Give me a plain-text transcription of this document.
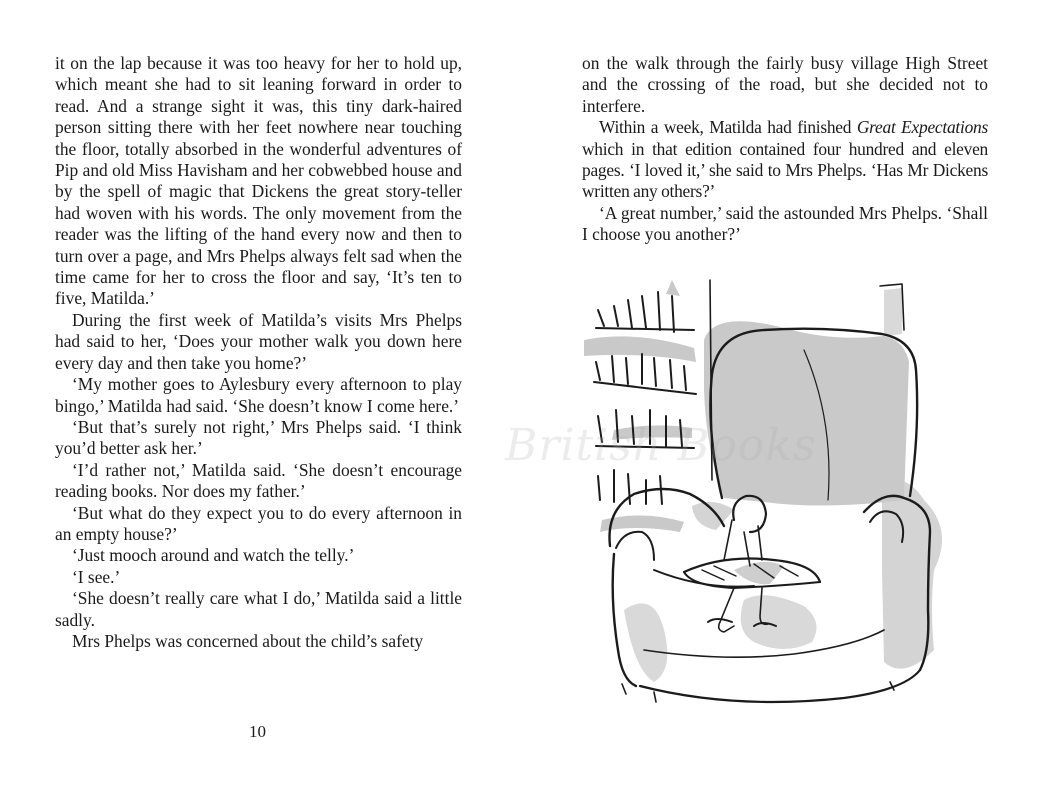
it on the lap because it was too heavy for her to hold up, which meant she had to sit leaning forward in order to read. And a strange sight it was, this tiny dark-haired person sitting there with her feet nowhere near touching the floor, totally absorbed in the wonderful adventures of Pip and old Miss Havisham and her cobwebbed house and by the spell of magic that Dickens the great story-teller had woven with his words. The only movement from the reader was the lifting of the hand every now and then to turn over a page, and Mrs Phelps always felt sad when the time came for her to cross the floor and say, ‘It’s ten to five, Matilda.’

During the first week of Matilda’s visits Mrs Phelps had said to her, ‘Does your mother walk you down here every day and then take you home?’

‘My mother goes to Aylesbury every afternoon to play bingo,’ Matilda had said. ‘She doesn’t know I come here.’

‘But that’s surely not right,’ Mrs Phelps said. ‘I think you’d better ask her.’

‘I’d rather not,’ Matilda said. ‘She doesn’t encourage reading books. Nor does my father.’

‘But what do they expect you to do every afternoon in an empty house?’

‘Just mooch around and watch the telly.’

‘I see.’

‘She doesn’t really care what I do,’ Matilda said a little sadly.

Mrs Phelps was concerned about the child’s safety

10

on the walk through the fairly busy village High Street and the crossing of the road, but she decided not to interfere.

Within a week, Matilda had finished Great Expectations which in that edition contained four hundred and eleven pages. ‘I loved it,’ she said to Mrs Phelps. ‘Has Mr Dickens written any others?’

‘A great number,’ said the astounded Mrs Phelps. ‘Shall I choose you another?’

British Books
